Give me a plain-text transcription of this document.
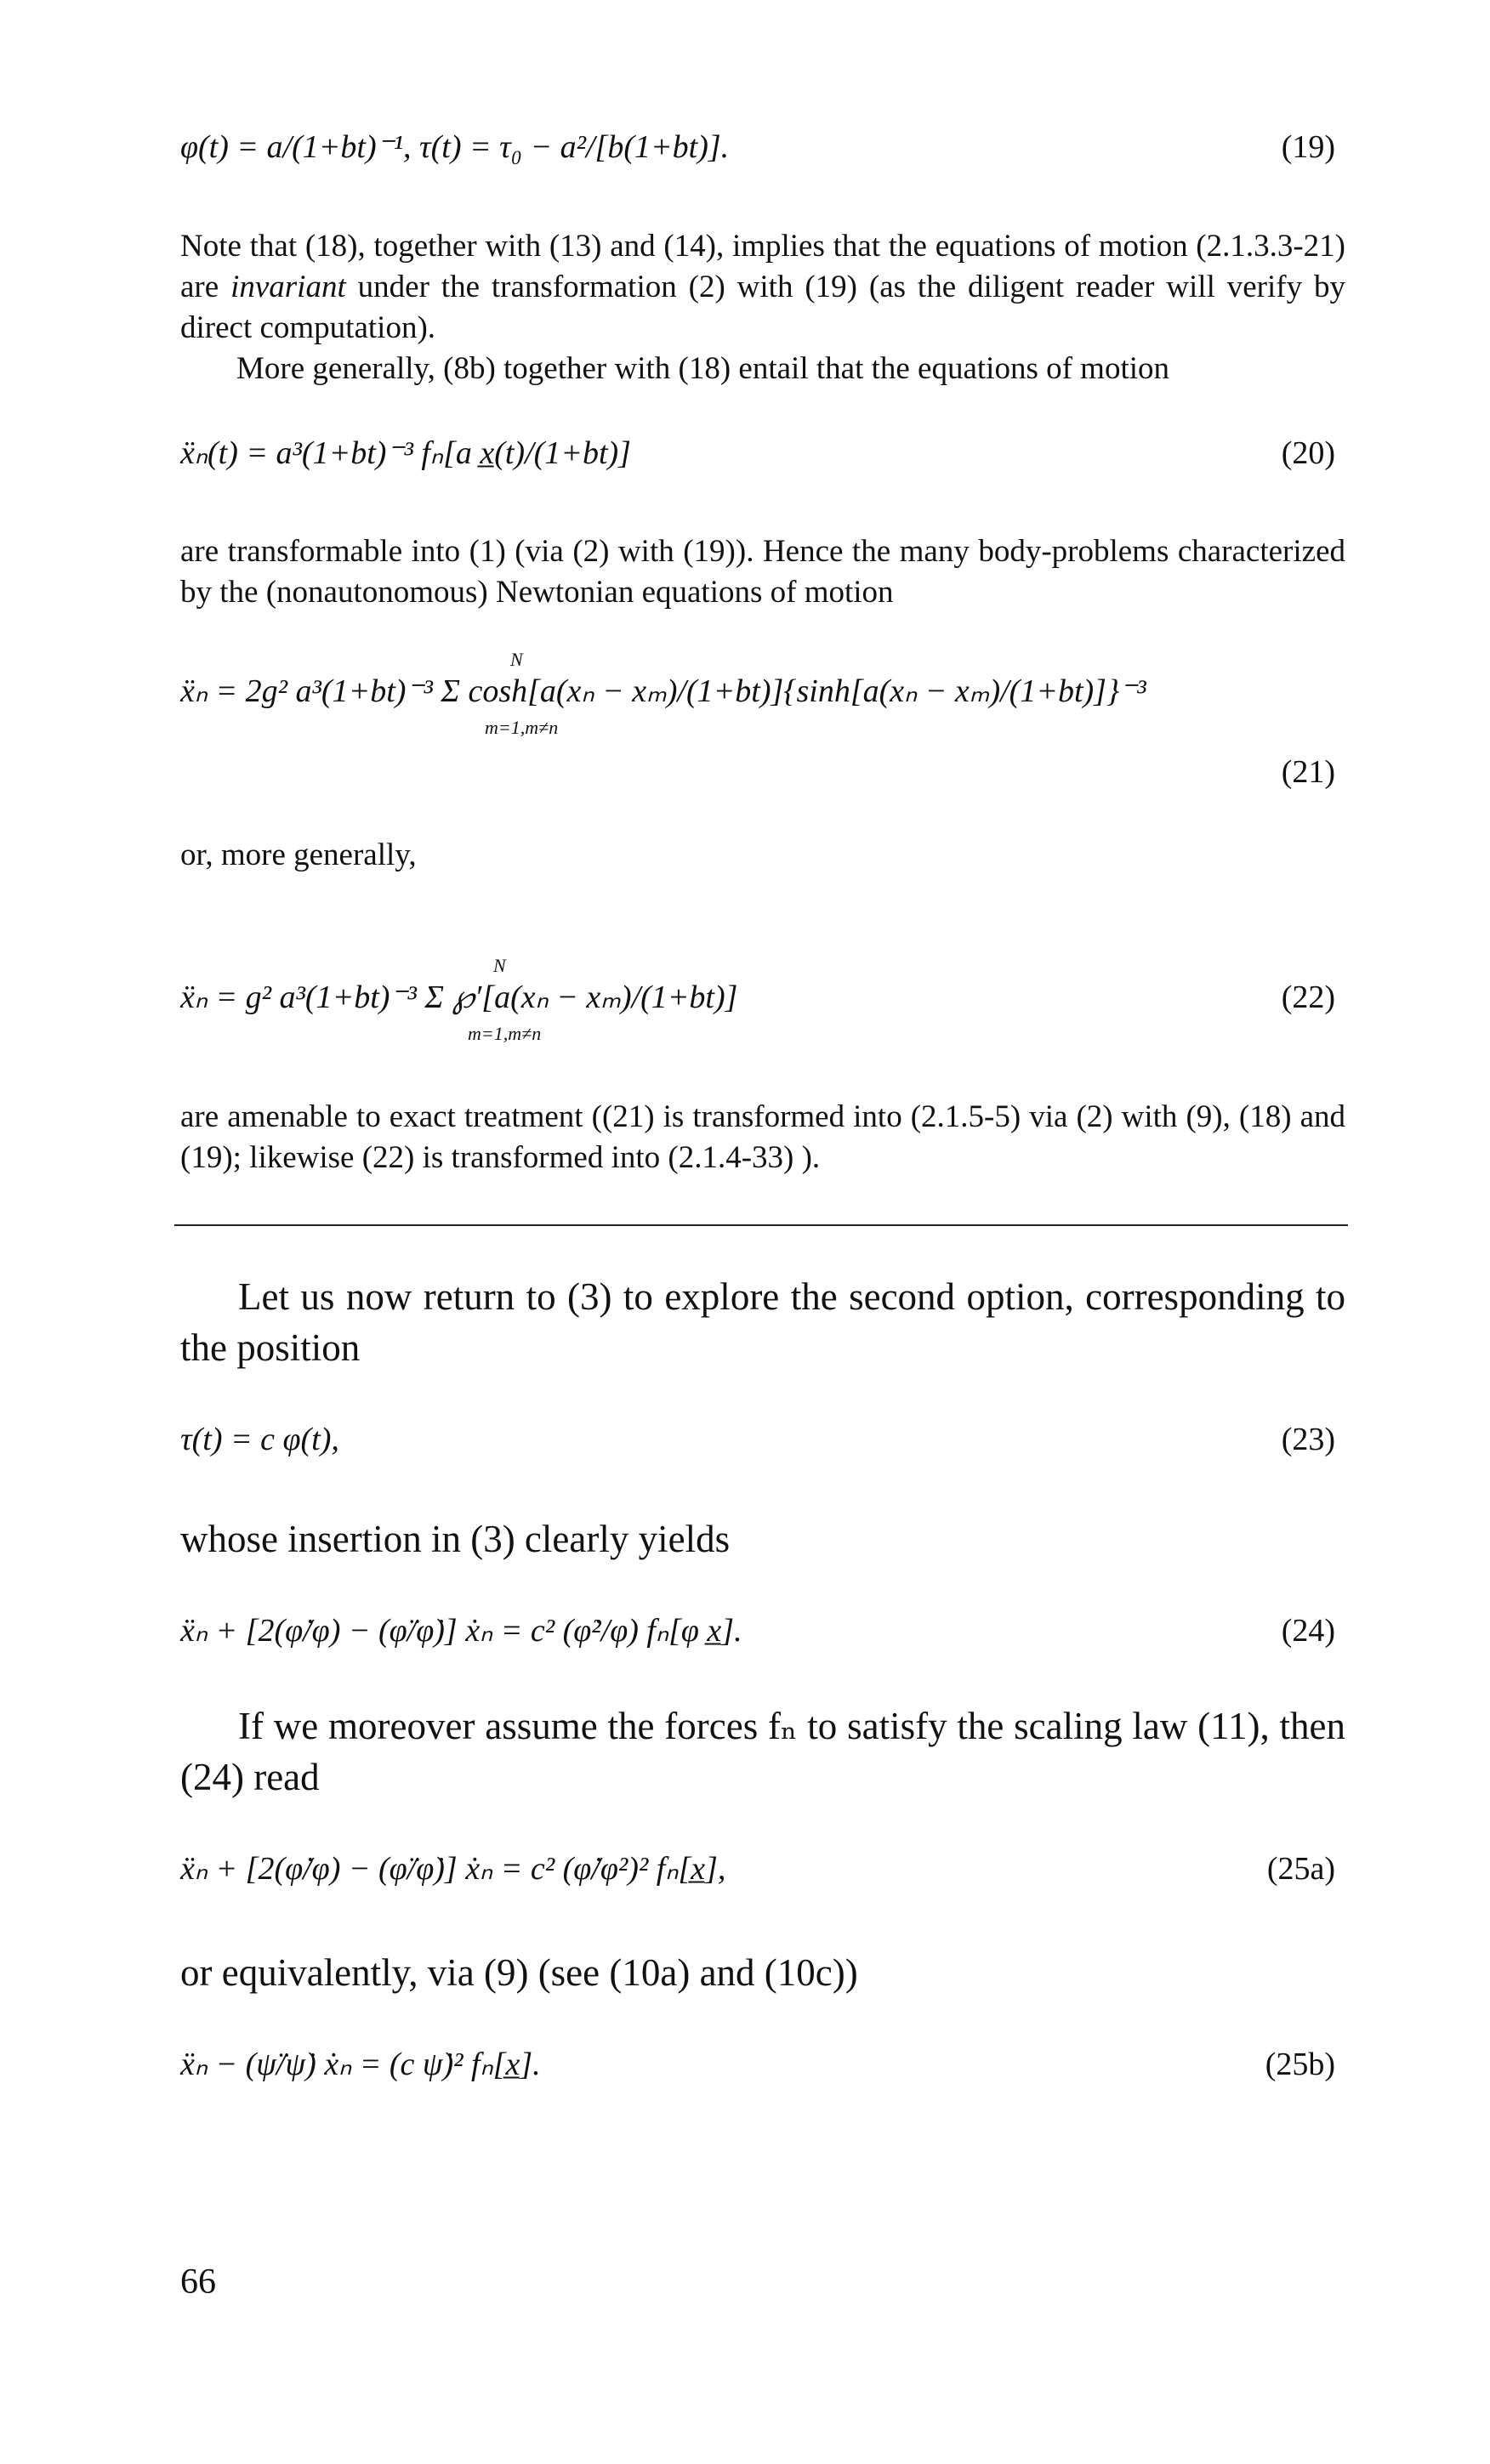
φ(t) = a/(1+bt)⁻¹, τ(t) = τ₀ − a²/[b(1+bt)].	(19)
Note that (18), together with (13) and (14), implies that the equations of motion (2.1.3.3-21) are invariant under the transformation (2) with (19) (as the diligent reader will verify by direct computation).
More generally, (8b) together with (18) entail that the equations of motion
ẍₙ(t) = a³(1+bt)⁻³ fₙ[a x̲(t)/(1+bt)]	(20)
are transformable into (1) (via (2) with (19)). Hence the many body-problems characterized by the (nonautonomous) Newtonian equations of motion
ẍₙ = 2g² a³(1+bt)⁻³ Σ cosh[a(xₙ − xₘ)/(1+bt)]{sinh[a(xₙ − xₘ)/(1+bt)]}⁻³
N
m=1,m≠n
(21)
or, more generally,
ẍₙ = g² a³(1+bt)⁻³ Σ ℘′[a(xₙ − xₘ)/(1+bt)]
N
m=1,m≠n
(22)
are amenable to exact treatment ((21) is transformed into (2.1.5-5) via (2) with (9), (18) and (19); likewise (22) is transformed into (2.1.4-33) ).
Let us now return to (3) to explore the second option, corresponding to the position
τ(t) = c φ(t),	(23)
whose insertion in (3) clearly yields
ẍₙ + [2(φ̇/φ) − (φ̈/φ̇)] ẋₙ = c² (φ̇²/φ) fₙ[φ x̲].	(24)
If we moreover assume the forces fₙ to satisfy the scaling law (11), then (24) read
ẍₙ + [2(φ̇/φ) − (φ̈/φ̇)] ẋₙ = c² (φ̇/φ²)² fₙ[x̲],	(25a)
or equivalently, via (9) (see (10a) and (10c))
ẍₙ − (ψ̈/ψ̇) ẋₙ = (c ψ̇)² fₙ[x̲].	(25b)
66
